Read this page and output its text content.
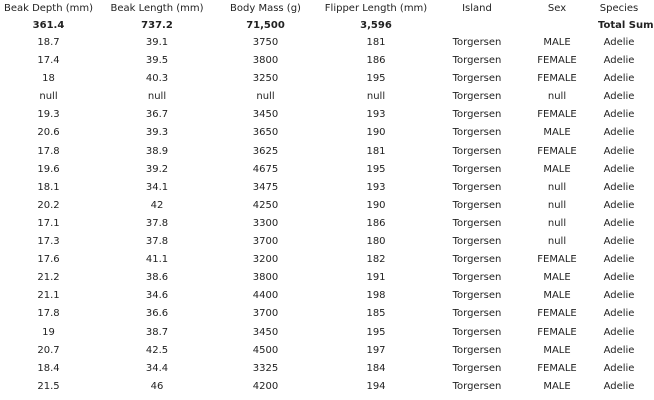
Beak Depth (mm)	Beak Length (mm)	Body Mass (g)	Flipper Length (mm)	Island	Sex	Species
361.4	737.2	71,500	3,596			Total Sum
18.7	39.1	3750	181	Torgersen	MALE	Adelie
17.4	39.5	3800	186	Torgersen	FEMALE	Adelie
18	40.3	3250	195	Torgersen	FEMALE	Adelie
null	null	null	null	Torgersen	null	Adelie
19.3	36.7	3450	193	Torgersen	FEMALE	Adelie
20.6	39.3	3650	190	Torgersen	MALE	Adelie
17.8	38.9	3625	181	Torgersen	FEMALE	Adelie
19.6	39.2	4675	195	Torgersen	MALE	Adelie
18.1	34.1	3475	193	Torgersen	null	Adelie
20.2	42	4250	190	Torgersen	null	Adelie
17.1	37.8	3300	186	Torgersen	null	Adelie
17.3	37.8	3700	180	Torgersen	null	Adelie
17.6	41.1	3200	182	Torgersen	FEMALE	Adelie
21.2	38.6	3800	191	Torgersen	MALE	Adelie
21.1	34.6	4400	198	Torgersen	MALE	Adelie
17.8	36.6	3700	185	Torgersen	FEMALE	Adelie
19	38.7	3450	195	Torgersen	FEMALE	Adelie
20.7	42.5	4500	197	Torgersen	MALE	Adelie
18.4	34.4	3325	184	Torgersen	FEMALE	Adelie
21.5	46	4200	194	Torgersen	MALE	Adelie
